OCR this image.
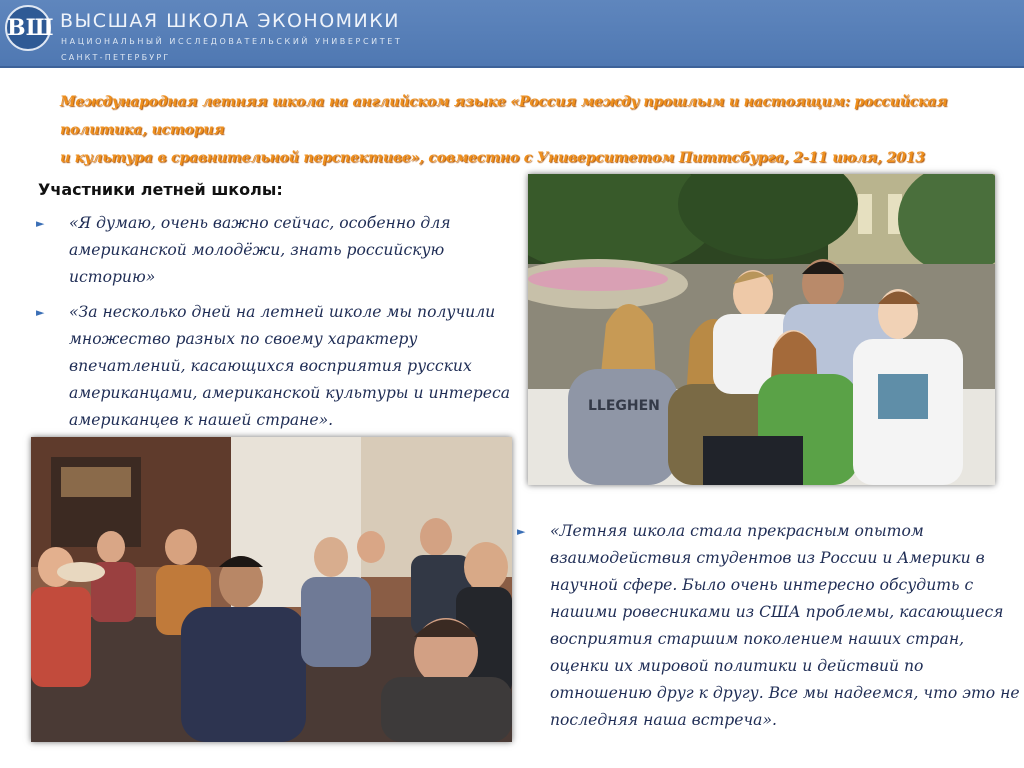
ВШ ВЫСШАЯ ШКОЛА ЭКОНОМИКИ
НАЦИОНАЛЬНЫЙ ИССЛЕДОВАТЕЛЬСКИЙ УНИВЕРСИТЕТ
САНКТ-ПЕТЕРБУРГ
Международная летняя школа на английском языке «Россия между прошлым и настоящим: российская политика, история
и культура в сравнительной перспективе», совместно с Университетом Питтсбурга, 2-11 июля, 2013
Участники летней школы:
► «Я думаю, очень важно сейчас, особенно для американской молодёжи, знать российскую историю»
► «За несколько дней на летней школе мы получили множество разных по своему характеру впечатлений, касающихся восприятия русских американцами, американской культуры и интереса американцев к нашей стране».
► «Летняя школа стала прекрасным опытом взаимодействия студентов из России и Америки в научной сфере. Было очень интересно обсудить с нашими ровесниками из США проблемы, касающиеся восприятия старшим поколением наших стран, оценки их мировой политики и действий по отношению друг к другу. Все мы надеемся, что это не последняя наша встреча».
LLEGHEN
